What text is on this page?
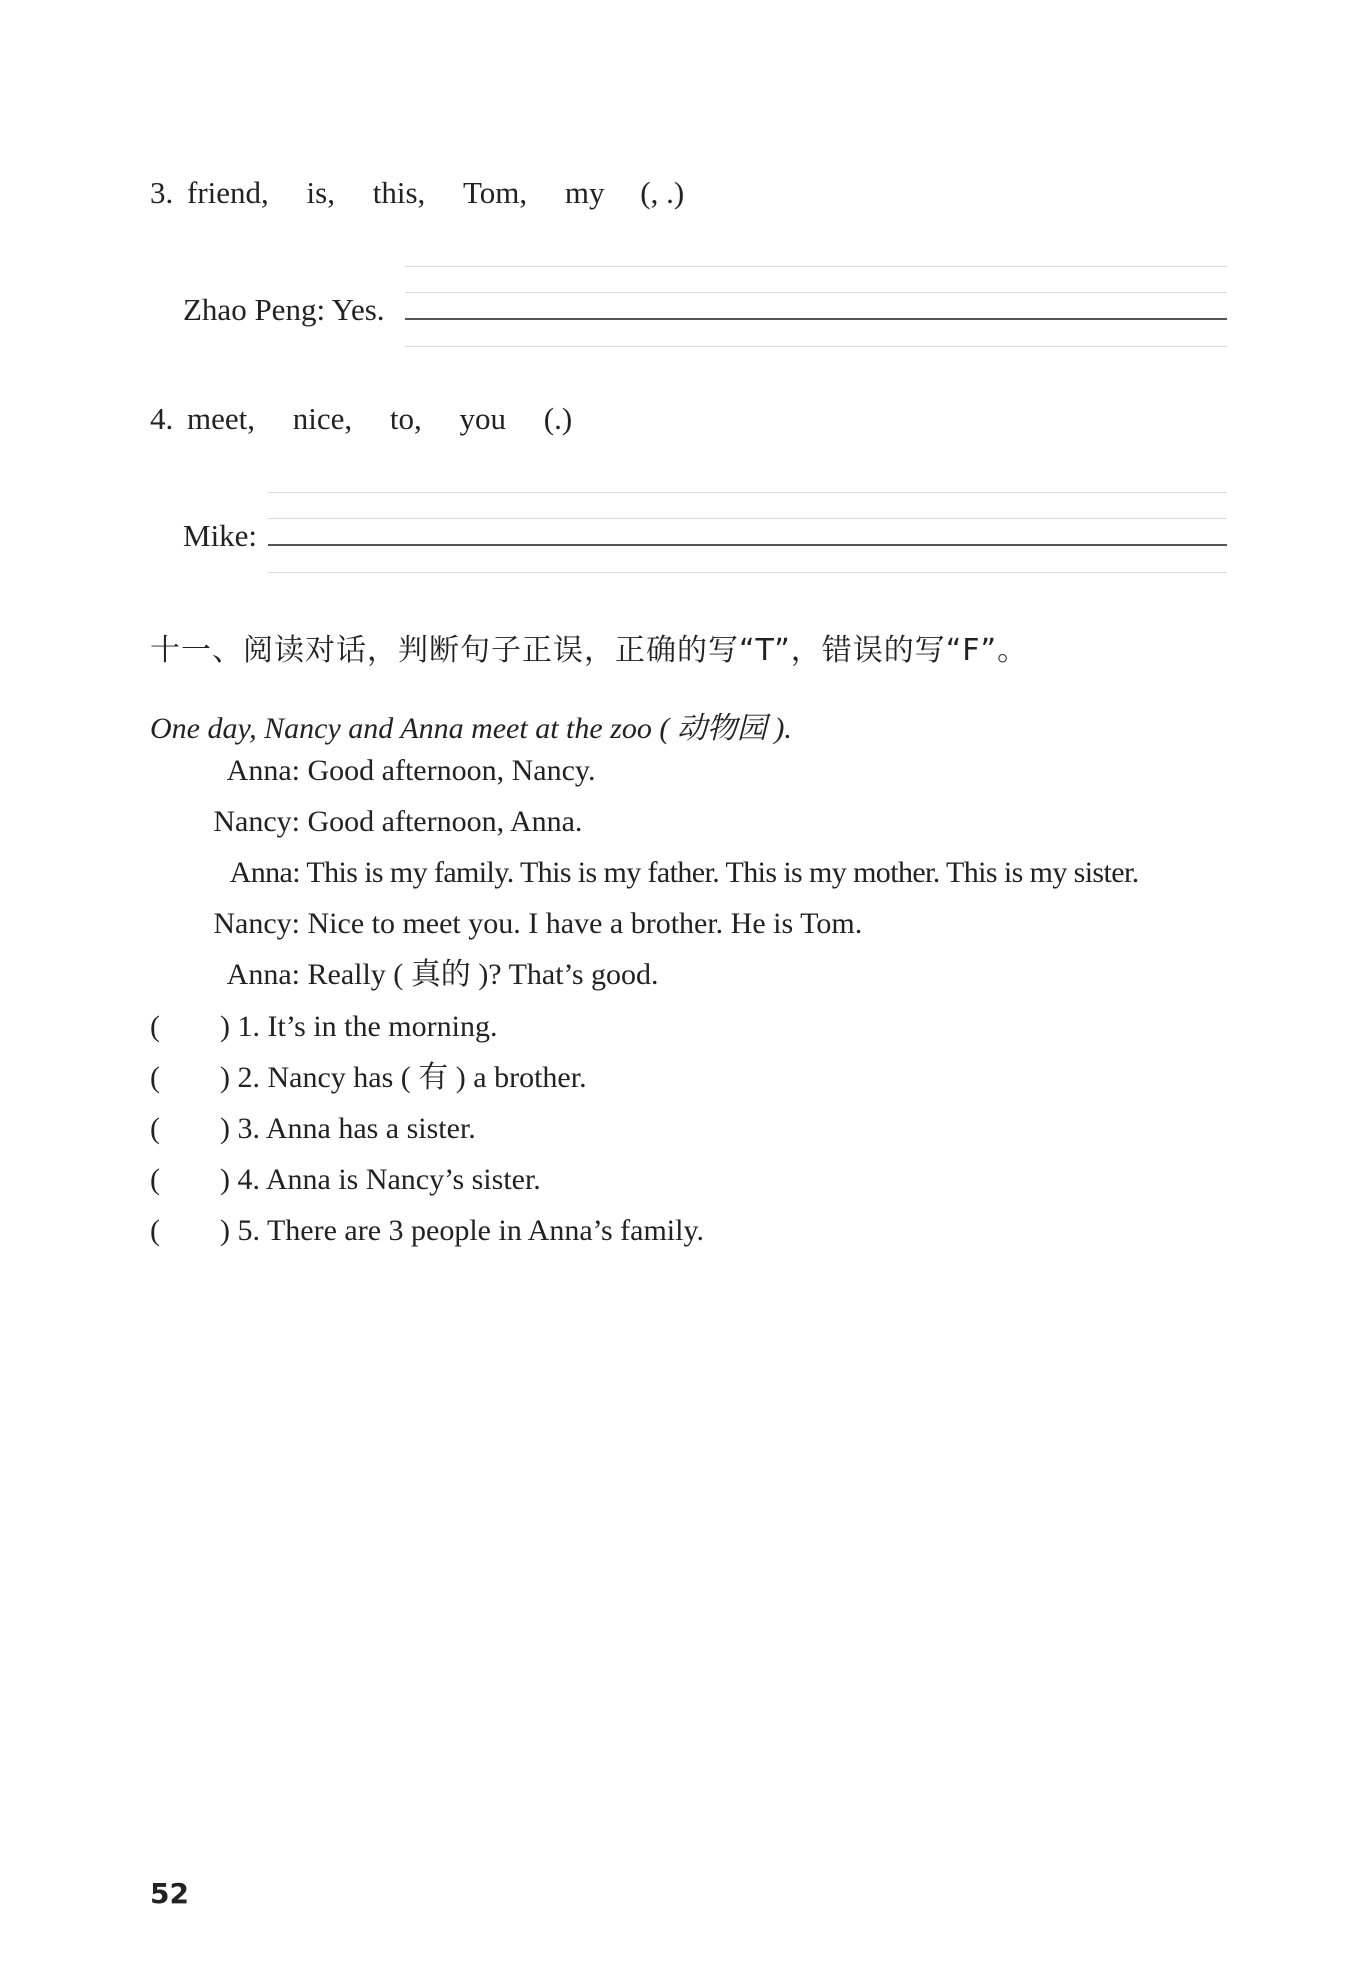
3. friend, is, this, Tom, my (, .)
Zhao Peng: Yes.
4. meet, nice, to, you (.)
Mike:
十一、阅读对话，判断句子正误，正确的写“T”，错误的写“F”。
One day, Nancy and Anna meet at the zoo ( 动物园 ).
Anna: Good afternoon, Nancy.
Nancy: Good afternoon, Anna.
Anna: This is my family. This is my father. This is my mother. This is my sister.
Nancy: Nice to meet you. I have a brother. He is Tom.
Anna: Really ( 真的 )? That’s good.
( ) 1. It’s in the morning.
( ) 2. Nancy has ( 有 ) a brother.
( ) 3. Anna has a sister.
( ) 4. Anna is Nancy’s sister.
( ) 5. There are 3 people in Anna’s family.
52
